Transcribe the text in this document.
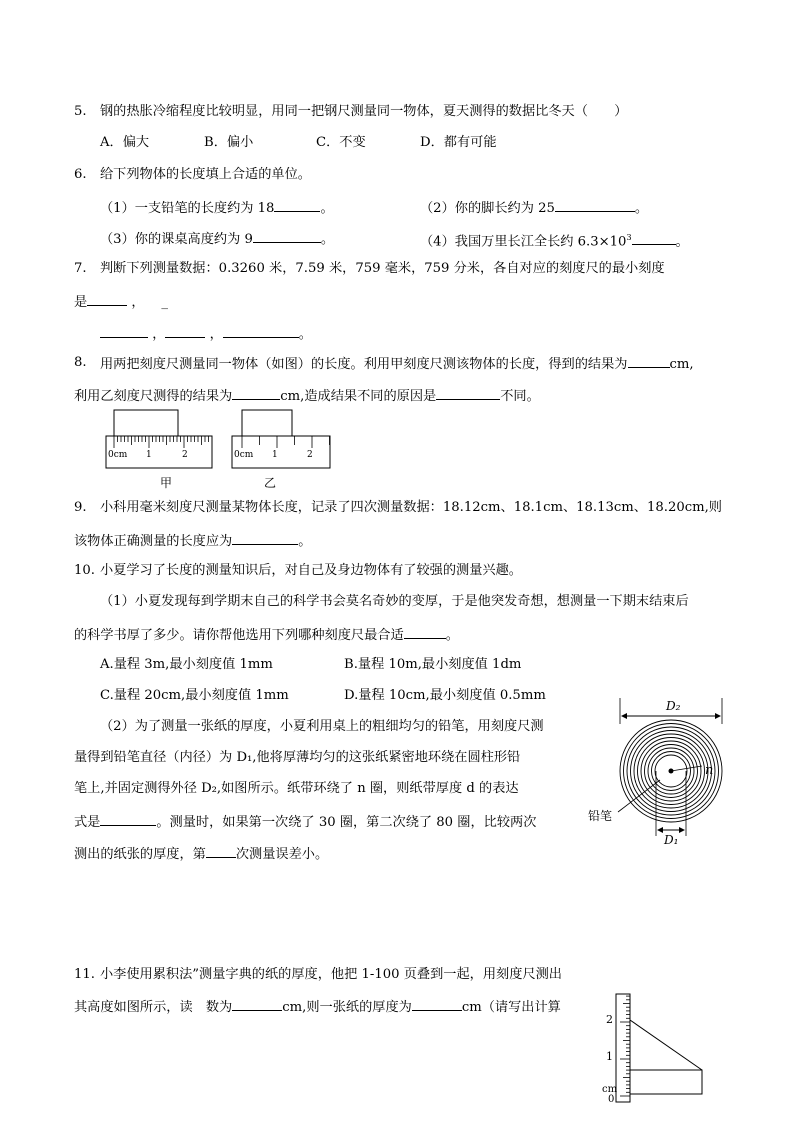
5. 钢的热胀冷缩程度比较明显，用同一把钢尺测量同一物体，夏天测得的数据比冬天（　　）
A．偏大	B．偏小	C．不变	D．都有可能
6. 给下列物体的长度填上合适的单位。
（1）一支铅笔的长度约为 18	。	（2）你的脚长约为 25	。
（3）你的课桌高度约为 9	。	（4）我国万里长江全长约 $6.3\times 10^3$	。
7. 判断下列测量数据：0.3260 米，7.59 米，759 毫米，759 分米，各自对应的刻度尺的最小刻度
是	， _
，	，	。
8. 用两把刻度尺测量同一物体（如图）的长度。利用甲刻度尺测该物体的长度，得到的结果为	cm,
利用乙刻度尺测得的结果为	cm,造成结果不同的原因是	不同。
0cm 1	2
甲
0cm 1	2
乙
9. 小科用毫米刻度尺测量某物体长度，记录了四次测量数据：18.12cm、18.1cm、18.13cm、18.20cm,则
该物体正确测量的长度应为	。
10. 小夏学习了长度的测量知识后，对自己及身边物体有了较强的测量兴趣。
（1）小夏发现每到学期末自己的科学书会莫名奇妙的变厚，于是他突发奇想，想测量一下期末结束后
的科学书厚了多少。请你帮他选用下列哪种刻度尺最合适	。
A.量程 3m,最小刻度值 1mm	B.量程 10m,最小刻度值 1dm
C.量程 20cm,最小刻度值 1mm	D.量程 10cm,最小刻度值 0.5mm
（2）为了测量一张纸的厚度，小夏利用桌上的粗细均匀的铅笔，用刻度尺测
量得到铅笔直径（内径）为 D₁,他将厚薄均匀的这张纸紧密地环绕在圆柱形铅
笔上,并固定测得外径 D₂,如图所示。纸带环绕了 n 圈，则纸带厚度 d 的表达
式是	。测量时，如果第一次绕了 30 圈，第二次绕了 80 圈，比较两次
测出的纸张的厚度，第 次测量误差小。
D₂
n
D₁
铅笔
11. 小李使用累积法”测量字典的纸的厚度，他把 1-100 页叠到一起，用刻度尺测出
其高度如图所示，读　数为	cm,则一张纸的厚度为	cm（请写出计算
2
1
cm
0
